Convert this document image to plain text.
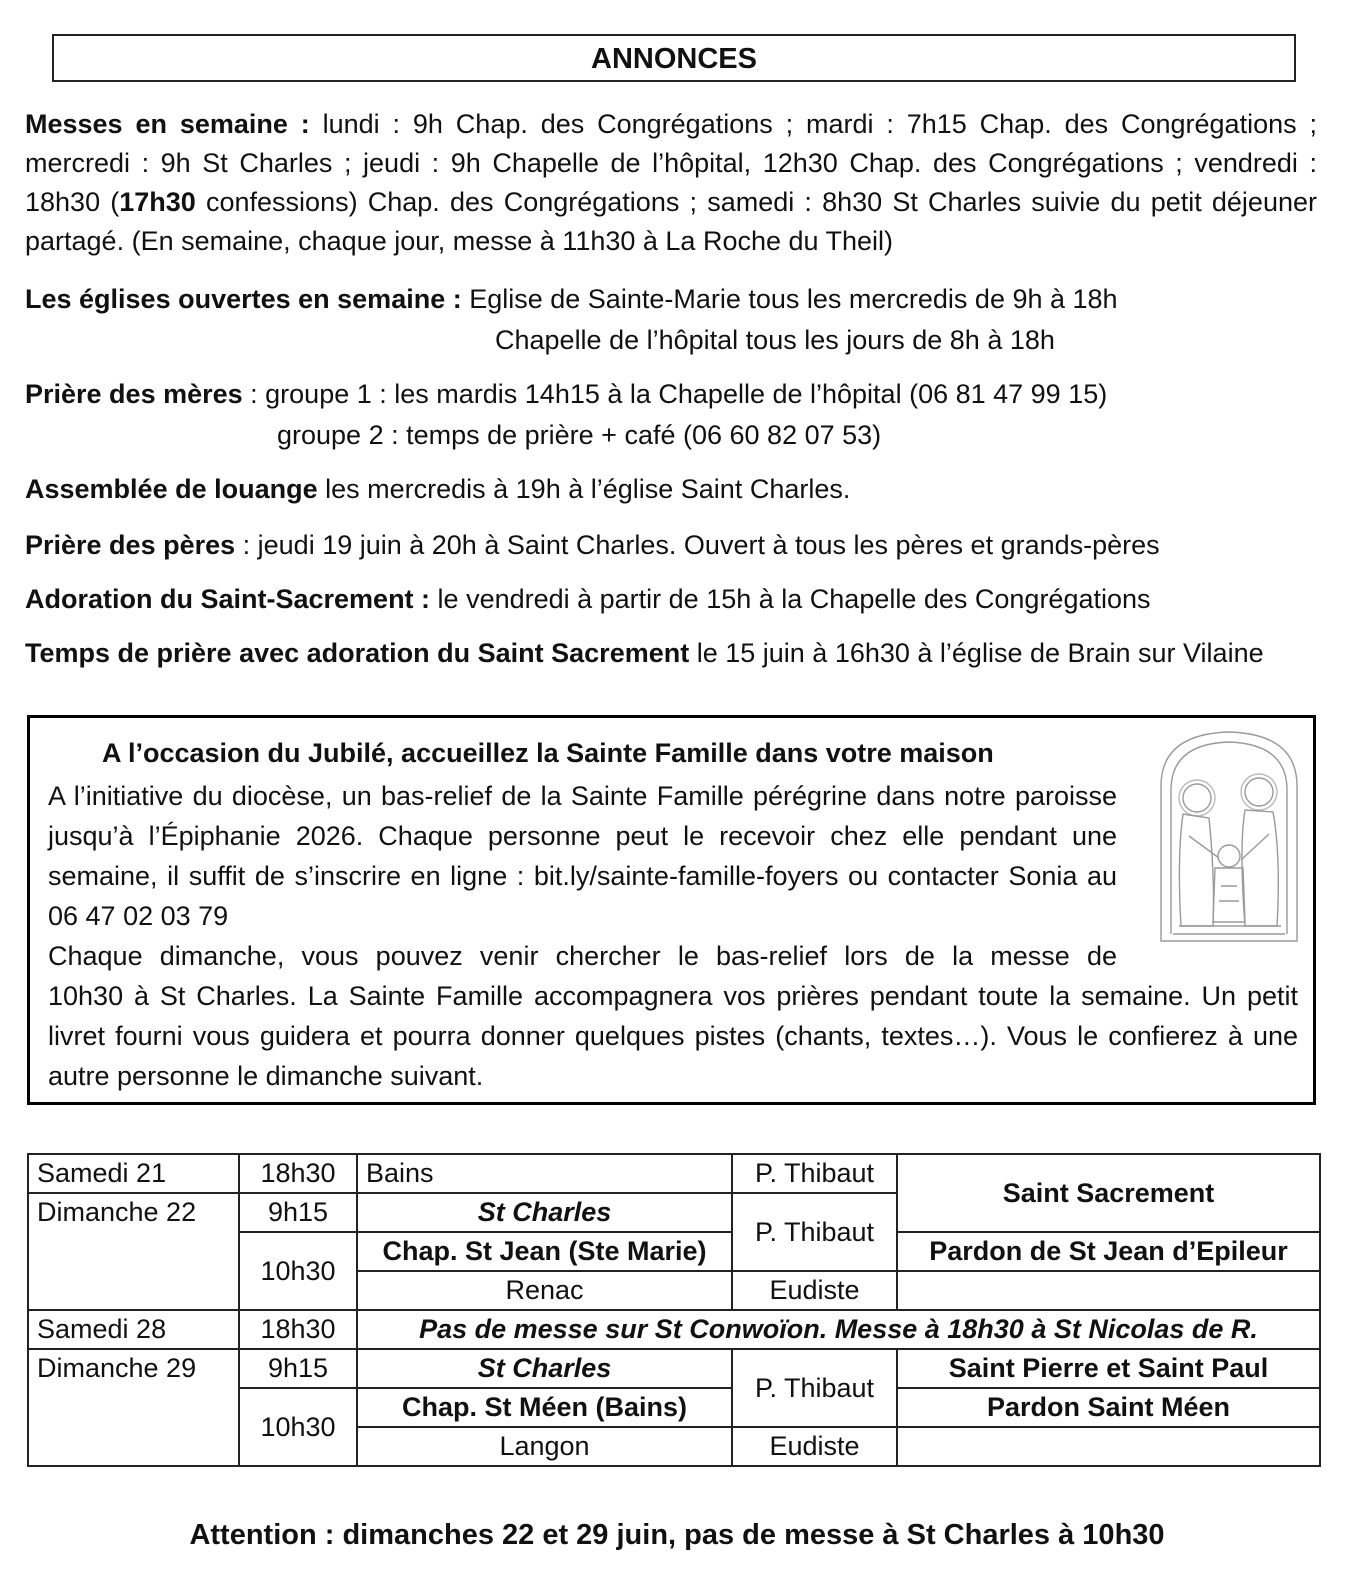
ANNONCES
Messes en semaine : lundi : 9h Chap. des Congrégations ; mardi : 7h15 Chap. des Congrégations ; mercredi : 9h St Charles ; jeudi : 9h Chapelle de l’hôpital, 12h30 Chap. des Congrégations ; vendredi : 18h30 (17h30 confessions) Chap. des Congrégations ; samedi : 8h30 St Charles suivie du petit déjeuner partagé. (En semaine, chaque jour, messe à 11h30 à La Roche du Theil)
Les églises ouvertes en semaine : Eglise de Sainte-Marie tous les mercredis de 9h à 18h
Chapelle de l’hôpital tous les jours de 8h à 18h
Prière des mères : groupe 1 : les mardis 14h15 à la Chapelle de l’hôpital (06 81 47 99 15)
groupe 2 : temps de prière + café (06 60 82 07 53)
Assemblée de louange les mercredis à 19h à l’église Saint Charles.
Prière des pères : jeudi 19 juin à 20h à Saint Charles. Ouvert à tous les pères et grands-pères
Adoration du Saint-Sacrement : le vendredi à partir de 15h à la Chapelle des Congrégations
Temps de prière avec adoration du Saint Sacrement le 15 juin à 16h30 à l’église de Brain sur Vilaine
A l’occasion du Jubilé, accueillez la Sainte Famille dans votre maison
A l’initiative du diocèse, un bas-relief de la Sainte Famille pérégrine dans notre paroisse jusqu’à l’Épiphanie 2026. Chaque personne peut le recevoir chez elle pendant une semaine, il suffit de s’inscrire en ligne : bit.ly/sainte-famille-foyers ou contacter Sonia au 06 47 02 03 79
Chaque dimanche, vous pouvez venir chercher le bas-relief lors de la messe de
10h30 à St Charles. La Sainte Famille accompagnera vos prières pendant toute la semaine. Un petit livret fourni vous guidera et pourra donner quelques pistes (chants, textes…). Vous le confierez à une autre personne le dimanche suivant.
Samedi 21	18h30	Bains	P. Thibaut	Saint Sacrement
Dimanche 22	9h15	St Charles	P. Thibaut	
	10h30	Chap. St Jean (Ste Marie)		Pardon de St Jean d’Epileur
		Renac	Eudiste	
Samedi 28	18h30	Pas de messe sur St Conwoïon. Messe à 18h30 à St Nicolas de R.		
Dimanche 29	9h15	St Charles	P. Thibaut	Saint Pierre et Saint Paul
	10h30	Chap. St Méen (Bains)		Pardon Saint Méen
		Langon	Eudiste	
Attention : dimanches 22 et 29 juin, pas de messe à St Charles à 10h30
